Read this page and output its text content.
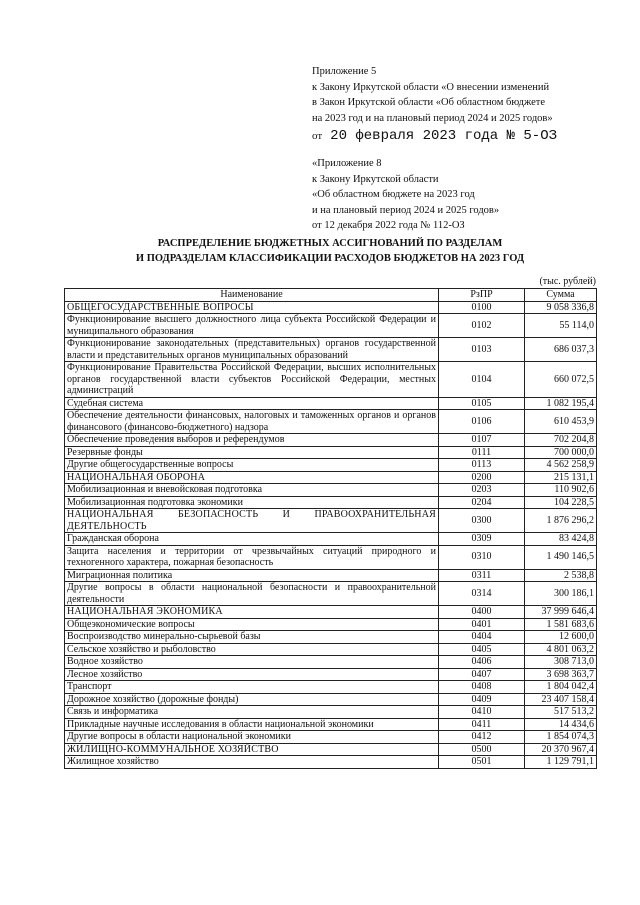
Приложение 5
к Закону Иркутской области «О внесении изменений
в Закон Иркутской области «Об областном бюджете
на 2023 год и на плановый период 2024 и 2025 годов»
от 20 февраля 2023 года № 5-ОЗ
«Приложение 8
к Закону Иркутской области
«Об областном бюджете на 2023 год
и на плановый период 2024 и 2025 годов»
от 12 декабря 2022 года № 112-ОЗ
РАСПРЕДЕЛЕНИЕ БЮДЖЕТНЫХ АССИГНОВАНИЙ ПО РАЗДЕЛАМ
И ПОДРАЗДЕЛАМ КЛАССИФИКАЦИИ РАСХОДОВ БЮДЖЕТОВ НА 2023 ГОД
(тыс. рублей)
Наименование	РзПР	Сумма
ОБЩЕГОСУДАРСТВЕННЫЕ ВОПРОСЫ	0100	9 058 336,8
Функционирование высшего должностного лица субъекта Российской Федерации и муниципального образования	0102	55 114,0
Функционирование законодательных (представительных) органов государственной власти и представительных органов муниципальных образований	0103	686 037,3
Функционирование Правительства Российской Федерации, высших исполнительных органов государственной власти субъектов Российской Федерации, местных администраций	0104	660 072,5
Судебная система	0105	1 082 195,4
Обеспечение деятельности финансовых, налоговых и таможенных органов и органов финансового (финансово-бюджетного) надзора	0106	610 453,9
Обеспечение проведения выборов и референдумов	0107	702 204,8
Резервные фонды	0111	700 000,0
Другие общегосударственные вопросы	0113	4 562 258,9
НАЦИОНАЛЬНАЯ ОБОРОНА	0200	215 131,1
Мобилизационная и вневойсковая подготовка	0203	110 902,6
Мобилизационная подготовка экономики	0204	104 228,5
НАЦИОНАЛЬНАЯ БЕЗОПАСНОСТЬ И ПРАВООХРАНИТЕЛЬНАЯ ДЕЯТЕЛЬНОСТЬ	0300	1 876 296,2
Гражданская оборона	0309	83 424,8
Защита населения и территории от чрезвычайных ситуаций природного и техногенного характера, пожарная безопасность	0310	1 490 146,5
Миграционная политика	0311	2 538,8
Другие вопросы в области национальной безопасности и правоохранительной деятельности	0314	300 186,1
НАЦИОНАЛЬНАЯ ЭКОНОМИКА	0400	37 999 646,4
Общеэкономические вопросы	0401	1 581 683,6
Воспроизводство минерально-сырьевой базы	0404	12 600,0
Сельское хозяйство и рыболовство	0405	4 801 063,2
Водное хозяйство	0406	308 713,0
Лесное хозяйство	0407	3 698 363,7
Транспорт	0408	1 804 042,4
Дорожное хозяйство (дорожные фонды)	0409	23 407 158,4
Связь и информатика	0410	517 513,2
Прикладные научные исследования в области национальной экономики	0411	14 434,6
Другие вопросы в области национальной экономики	0412	1 854 074,3
ЖИЛИЩНО-КОММУНАЛЬНОЕ ХОЗЯЙСТВО	0500	20 370 967,4
Жилищное хозяйство	0501	1 129 791,1
